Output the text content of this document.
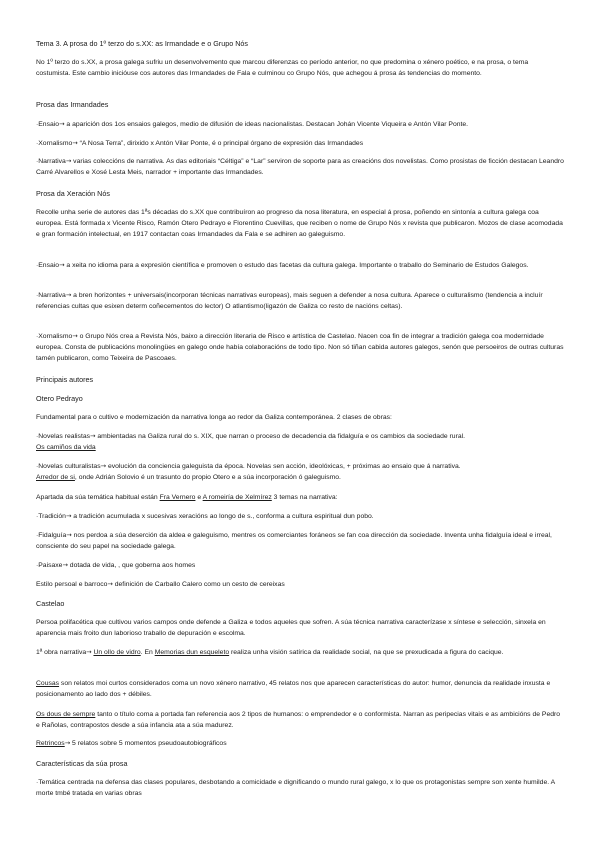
Tema 3. A prosa do 1º terzo do s.XX: as Irmandade e o Grupo Nós
No 1º terzo do s.XX, a prosa galega sufriu un desenvolvemento que marcou diferenzas co período anterior, no que predomina o xénero poético, e na prosa, o tema costumista. Este cambio inicióuse cos autores das Irmandades de Fala e culminou co Grupo Nós, que achegou á prosa ás tendencias do momento.
Prosa das Irmandades
·Ensaio→ a aparición dos 1os ensaios galegos, medio de difusión de ideas nacionalistas. Destacan Johán Vicente Viqueira e Antón Vilar Ponte.
·Xornalismo→ “A Nosa Terra”, dirixido x Antón Vilar Ponte, é o principal órgano de expresión das Irmandades
·Narrativa→ varias coleccións de narrativa. As das editoriais “Céltiga” e “Lar” serviron de soporte para as creacións dos novelistas. Como prosistas de ficción destacan Leandro Carré Alvarellos e Xosé Lesta Meis, narrador + importante das Irmandades.
Prosa da Xeración Nós
Recolle unha serie de autores das 1ªs décadas do s.XX que contribuíron ao progreso da nosa literatura, en especial á prosa, poñendo en sintonía a cultura galega coa europea. Está formada x Vicente Risco, Ramón Otero Pedrayo e Florentino Cuevillas, que reciben o nome de Grupo Nós x revista que publicaron. Mozos de clase acomodada e gran formación intelectual, en 1917 contactan coas Irmandades da Fala e se adhiren ao galeguismo.
·Ensaio→ a xeita no idioma para a expresión científica e promoven o estudo das facetas da cultura galega. Importante o traballo do Seminario de Estudos Galegos.
·Narrativa→ a bren horizontes + universais(incorporan técnicas narrativas europeas), mais seguen a defender a nosa cultura. Aparece o culturalismo (tendencia a incluír referencias cultas que esixen determ coñecementos do lector) O atlantismo(ligazón de Galiza co resto de nacións celtas).
·Xornalismo→ o Grupo Nós crea a Revista Nós, baixo a dirección literaria de Risco e artística de Castelao. Nacen coa fin de integrar a tradición galega coa modernidade europea. Consta de publicacións monolingües en galego onde había colaboracións de todo tipo. Non só tiñan cabida autores galegos, senón que persoeiros de outras culturas tamén publicaron, como Teixeira de Pascoaes.
Principais autores
Otero Pedrayo
Fundamental para o cultivo e modernización da narrativa longa ao redor da Galiza contemporánea. 2 clases de obras:
·Novelas realistas→ ambientadas na Galiza rural do s. XIX, que narran o proceso de decadencia da fidalguía e os cambios da sociedade rural.
Os camiños da vida
·Novelas culturalistas→ evolución da conciencia galeguista da época. Novelas sen acción, ideolóxicas, + próximas ao ensaio que á narrativa.
Arredor de si, onde Adrián Solovio é un trasunto do propio Otero e a súa incorporación ó galeguismo.
Apartada da súa temática habitual están Fra Vernero e A romeiría de Xelmírez 3 temas na narrativa:
·Tradición→ a tradición acumulada x sucesivas xeracións ao longo de s., conforma a cultura espiritual dun pobo.
·Fidalguía→ nos perdoa a súa deserción da aldea e galeguismo, mentres os comerciantes foráneos se fan coa dirección da sociedade. Inventa unha fidalguía ideal e irreal, consciente do seu papel na sociedade galega.
·Paisaxe→ dotada de vida, , que goberna aos homes
Estilo persoal e barroco→ definición de Carballo Calero como un cesto de cereixas
Castelao
Persoa polifacética que cultivou varios campos onde defende a Galiza e todos aqueles que sofren. A súa técnica narrativa caracterízase x síntese e selección, sinxela en aparencia mais froito dun laborioso traballo de depuración e escolma.
1ª obra narrativa→ Un ollo de vidro. En Memorias dun esqueleto realiza unha visión satírica da realidade social, na que se prexudicada a figura do cacique.
Cousas son relatos moi curtos considerados coma un novo xénero narrativo, 45 relatos nos que aparecen características do autor: humor, denuncia da realidade inxusta e posicionamento ao lado dos + débiles.
Os dous de sempre tanto o título coma a portada fan referencia aos 2 tipos de humanos: o emprendedor e o conformista. Narran as peripecias vitais e as ambicións de Pedro e Rañolas, contrapostos desde a súa infancia ata a súa madurez.
Retrincos→ 5 relatos sobre 5 momentos pseudoautobiográficos
Características da súa prosa
·Temática centrada na defensa das clases populares, desbotando a comicidade e dignificando o mundo rural galego, x lo que os protagonistas sempre son xente humilde. A morte tmbé tratada en varias obras
